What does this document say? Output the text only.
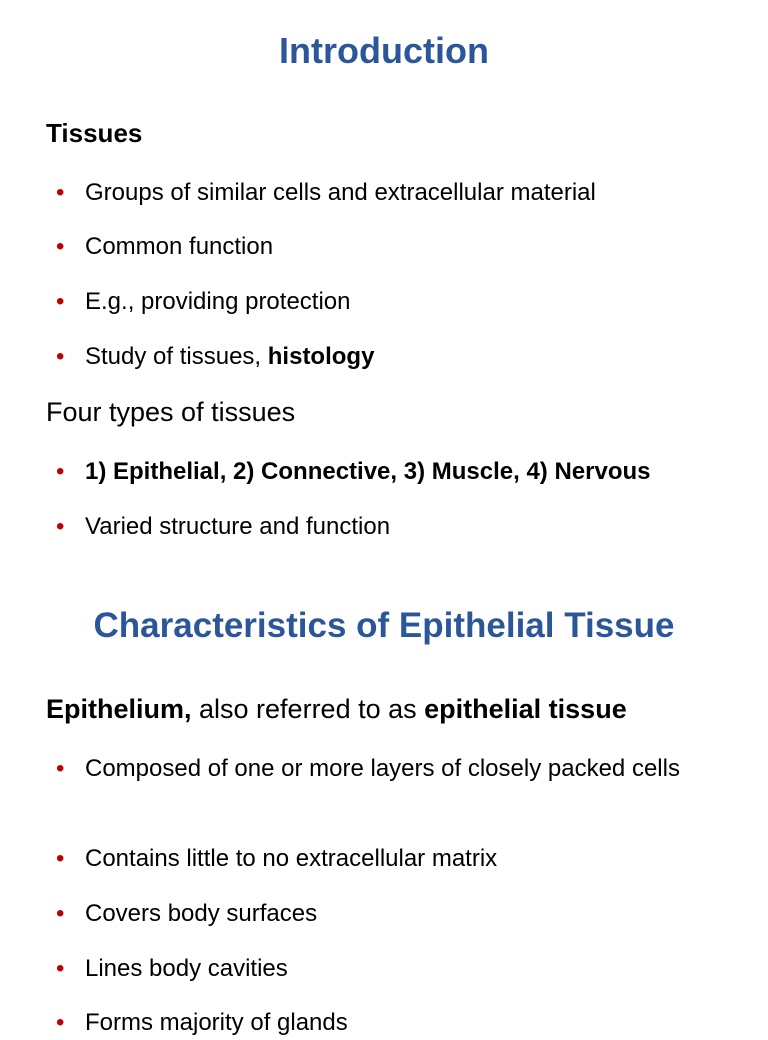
Introduction
Tissues
• Groups of similar cells and extracellular material
• Common function
• E.g., providing protection
• Study of tissues, histology
Four types of tissues
• 1) Epithelial, 2) Connective, 3) Muscle, 4) Nervous
• Varied structure and function
Characteristics of Epithelial Tissue
Epithelium, also referred to as epithelial tissue
• Composed of one or more layers of closely packed cells
• Contains little to no extracellular matrix
• Covers body surfaces
• Lines body cavities
• Forms majority of glands
